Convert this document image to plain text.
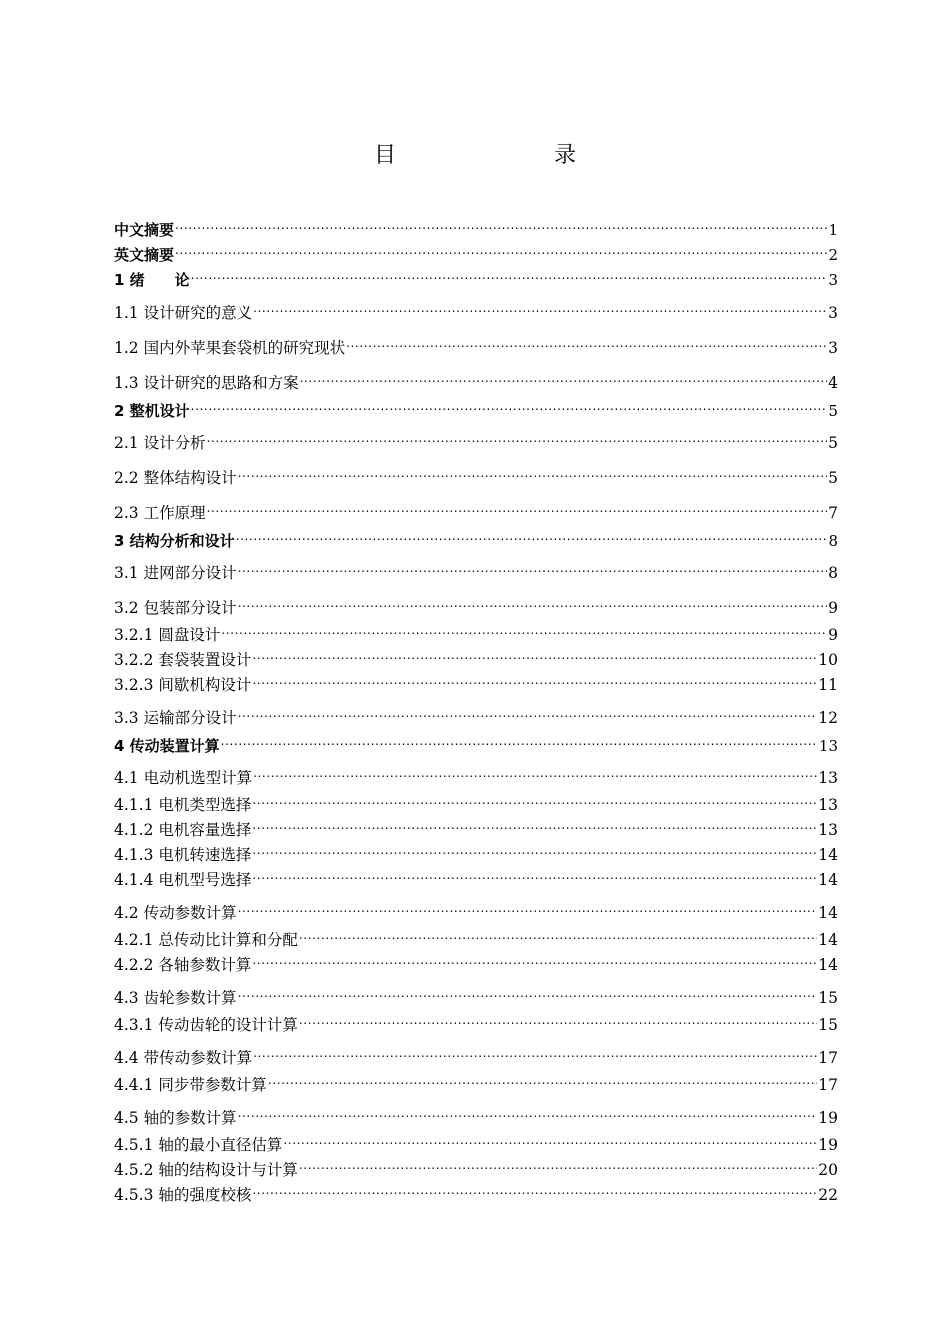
目　　录
中文摘要 .....	1
英文摘要 .....	2
1 绪　　论 .....	3
1.1 设计研究的意义 .....	3
1.2 国内外苹果套袋机的研究现状 .....	3
1.3 设计研究的思路和方案 .....	4
2 整机设计 .....	5
2.1 设计分析 .....	5
2.2 整体结构设计 .....	5
2.3 工作原理 .....	7
3 结构分析和设计 .....	8
3.1 进网部分设计 .....	8
3.2 包装部分设计 .....	9
3.2.1 圆盘设计 .....	9
3.2.2 套袋装置设计 .....	10
3.2.3 间歇机构设计 .....	11
3.3 运输部分设计 .....	12
4 传动装置计算 .....	13
4.1 电动机选型计算 .....	13
4.1.1 电机类型选择 .....	13
4.1.2 电机容量选择 .....	13
4.1.3 电机转速选择 .....	14
4.1.4 电机型号选择 .....	14
4.2 传动参数计算 .....	14
4.2.1 总传动比计算和分配 .....	14
4.2.2 各轴参数计算 .....	14
4.3 齿轮参数计算 .....	15
4.3.1 传动齿轮的设计计算 .....	15
4.4 带传动参数计算 .....	17
4.4.1 同步带参数计算 .....	17
4.5 轴的参数计算 .....	19
4.5.1 轴的最小直径估算 .....	19
4.5.2 轴的结构设计与计算 .....	20
4.5.3 轴的强度校核 .....	22
